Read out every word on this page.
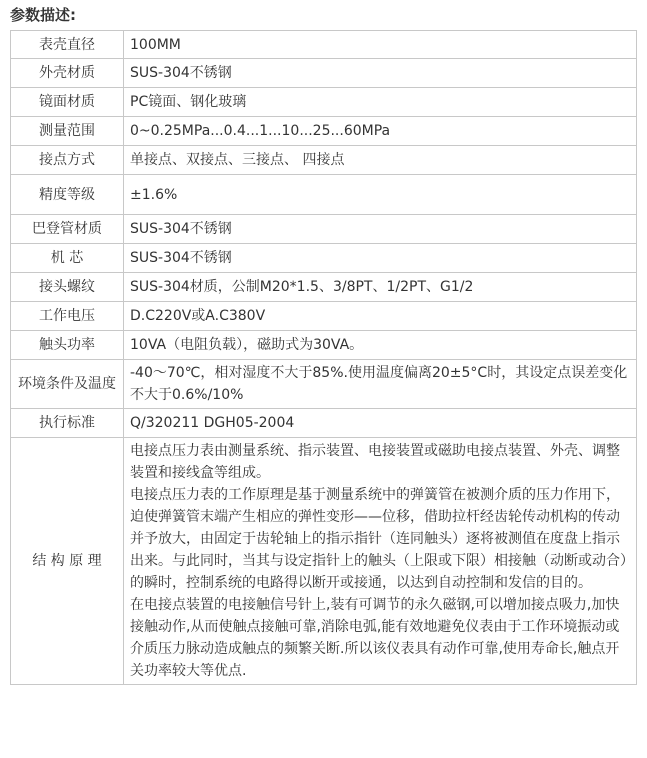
参数描述:
表壳直径	100MM
外壳材质	SUS-304不锈钢
镜面材质	PC镜面、钢化玻璃
测量范围	0~0.25MPa...0.4...1...10...25...60MPa
接点方式	单接点、双接点、三接点、 四接点
精度等级	±1.6%
巴登管材质	SUS-304不锈钢
机 芯	SUS-304不锈钢
接头螺纹	SUS-304材质，公制M20*1.5、3/8PT、1/2PT、G1/2
工作电压	D.C220V或A.C380V
触头功率	10VA（电阻负载），磁助式为30VA。
环境条件及温度	-40～70℃，相对湿度不大于85%.使用温度偏离20±5°C时，其设定点误差变化不大于0.6%/10%
执行标准	Q/320211 DGH05-2004
结 构 原 理	电接点压力表由测量系统、指示装置、电接装置或磁助电接点装置、外壳、调整装置和接线盒等组成。

电接点压力表的工作原理是基于测量系统中的弹簧管在被测介质的压力作用下，迫使弹簧管末端产生相应的弹性变形——位移，借助拉杆经齿轮传动机构的传动并予放大，由固定于齿轮轴上的指示指针（连同触头）逐将被测值在度盘上指示出来。与此同时，当其与设定指针上的触头（上限或下限）相接触（动断或动合）的瞬时，控制系统的电路得以断开或接通，以达到自动控制和发信的目的。

在电接点装置的电接触信号针上,装有可调节的永久磁钢,可以增加接点吸力,加快接触动作,从而使触点接触可靠,消除电弧,能有效地避免仪表由于工作环境振动或介质压力脉动造成触点的频繁关断.所以该仪表具有动作可靠,使用寿命长,触点开关功率较大等优点.
